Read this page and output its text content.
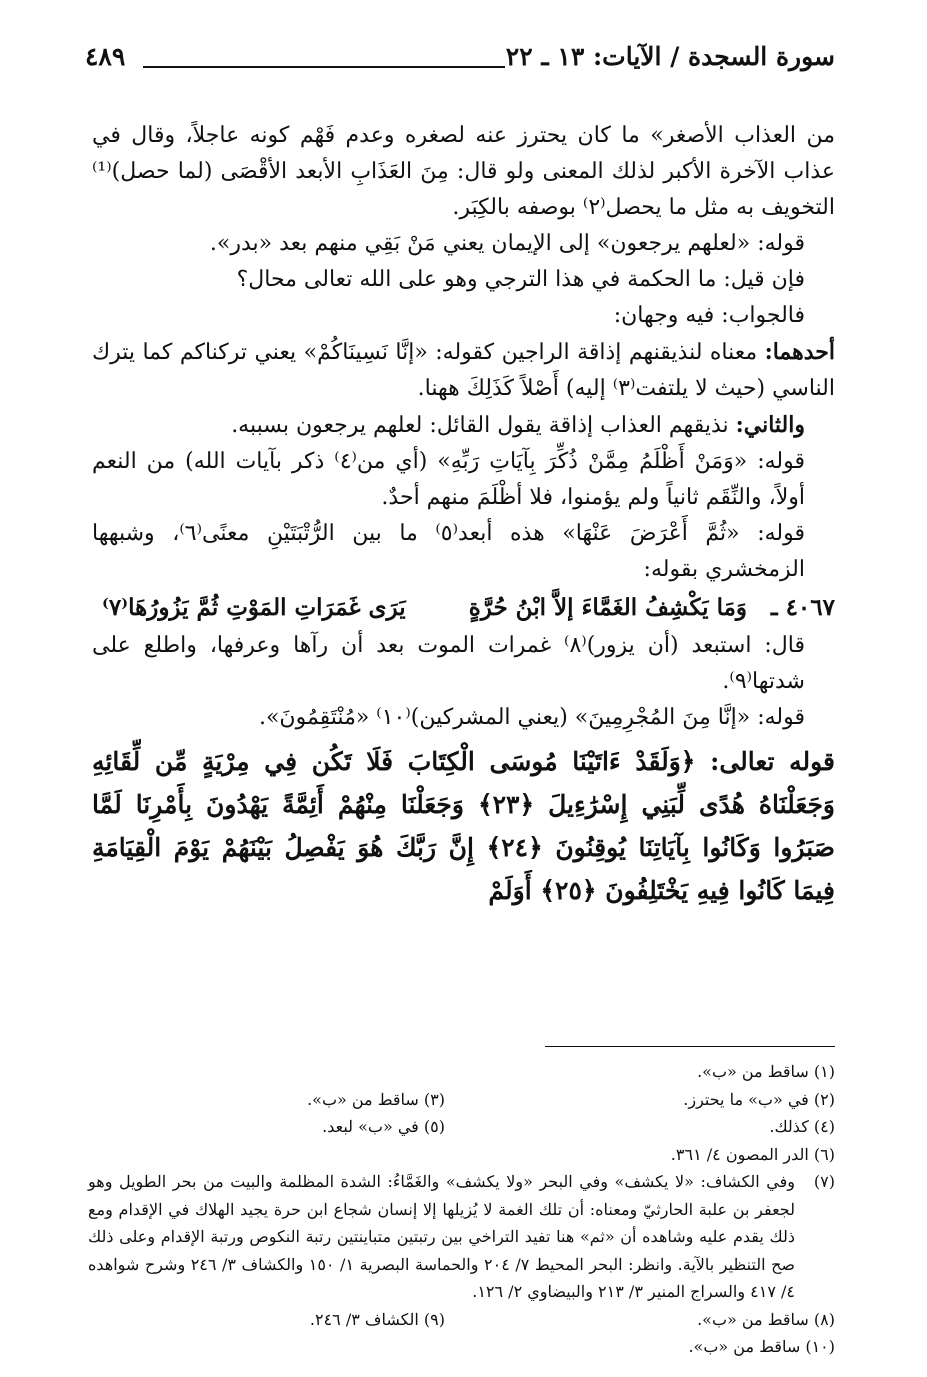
سورة السجدة / الآيات: ١٣ ـ ٢٢
٤٨٩

من العذاب الأصغر» ما كان يحترز عنه لصغره وعدم فَهْم كونه عاجلاً، وقال في عذاب الآخرة الأكبر لذلك المعنى ولو قال: مِنَ العَذَابِ الأبعد الأقْصَى (لما حصل)⁽¹⁾ التخويف به مثل ما يحصل⁽٢⁾ بوصفه بالكِبَر.

قوله: «لعلهم يرجعون» إلى الإيمان يعني مَنْ بَقِي منهم بعد «بدر».

فإن قيل: ما الحكمة في هذا الترجي وهو على الله تعالى محال؟

فالجواب: فيه وجهان:

أحدهما: معناه لنذيقنهم إذاقة الراجين كقوله: «إنَّا نَسِينَاكُمْ» يعني تركناكم كما يترك الناسي (حيث لا يلتفت⁽٣⁾ إليه) أَصْلاً كَذَلِكَ ههنا.

والثاني: نذيقهم العذاب إذاقة يقول القائل: لعلهم يرجعون بسببه.

قوله: «وَمَنْ أَظْلَمُ مِمَّنْ ذُكِّرَ بِآيَاتِ رَبِّهِ» (أي من⁽٤⁾ ذكر بآيات الله) من النعم أولاً، والنِّقَم ثانياً ولم يؤمنوا، فلا أظْلَمَ منهم أحدٌ.

قوله: «ثُمَّ أَعْرَضَ عَنْهَا» هذه أبعد⁽٥⁾ ما بين الرُّتْبَتَيْنِ معنًى⁽٦⁾، وشبهها الزمخشري بقوله:

٤٠٦٧ ـ
وَمَا يَكْشِفُ الغَمَّاءَ إلاَّ ابْنُ حُرَّةٍ
يَرَى غَمَرَاتِ المَوْتِ ثُمَّ يَزُورُهَا⁽٧⁾

قال: استبعد (أن يزور)⁽٨⁾ غمرات الموت بعد أن رآها وعرفها، واطلع على شدتها⁽٩⁾.

قوله: «إنَّا مِنَ المُجْرِمِينَ» (يعني المشركين)⁽١٠⁾ «مُنْتَقِمُونَ».

قوله تعالى: ﴿وَلَقَدْ ءَاتَيْنَا مُوسَى الْكِتَابَ فَلَا تَكُن فِي مِرْيَةٍ مِّن لِّقَائِهِ وَجَعَلْنَاهُ هُدًى لِّبَنِي إِسْرَٰءِيلَ ﴿٢٣﴾ وَجَعَلْنَا مِنْهُمْ أَئِمَّةً يَهْدُونَ بِأَمْرِنَا لَمَّا صَبَرُوا وَكَانُوا بِآيَاتِنَا يُوقِنُونَ ﴿٢٤﴾ إِنَّ رَبَّكَ هُوَ يَفْصِلُ بَيْنَهُمْ يَوْمَ الْقِيَامَةِ فِيمَا كَانُوا فِيهِ يَخْتَلِفُونَ ﴿٢٥﴾ أَوَلَمْ

(١) ساقط من «ب».
(٢) في «ب» ما يحترز.
(٣) ساقط من «ب».
(٤) كذلك.
(٥) في «ب» لبعد.
(٦) الدر المصون ٤/ ٣٦١.
(٧)
وفي الكشاف: «لا يكشف» وفي البحر «ولا يكشف» والغَمَّاءُ: الشدة المظلمة والبيت من بحر الطويل وهو لجعفر بن علبة الحارثيّ ومعناه: أن تلك الغمة لا يُزيلها إلا إنسان شجاع ابن حرة يجيد الهلاك في الإقدام ومع ذلك يقدم عليه وشاهده أن «ثم» هنا تفيد التراخي بين رتبتين متباينتين رتبة النكوص ورتبة الإقدام وعلى ذلك صح التنظير بالآية. وانظر: البحر المحيط ٧/ ٢٠٤ والحماسة البصرية ١/ ١٥٠ والكشاف ٣/ ٢٤٦ وشرح شواهده ٤/ ٤١٧ والسراج المنير ٣/ ٢١٣ والبيضاوي ٢/ ١٢٦.
(٨) ساقط من «ب».
(٩) الكشاف ٣/ ٢٤٦.
(١٠) ساقط من «ب».
